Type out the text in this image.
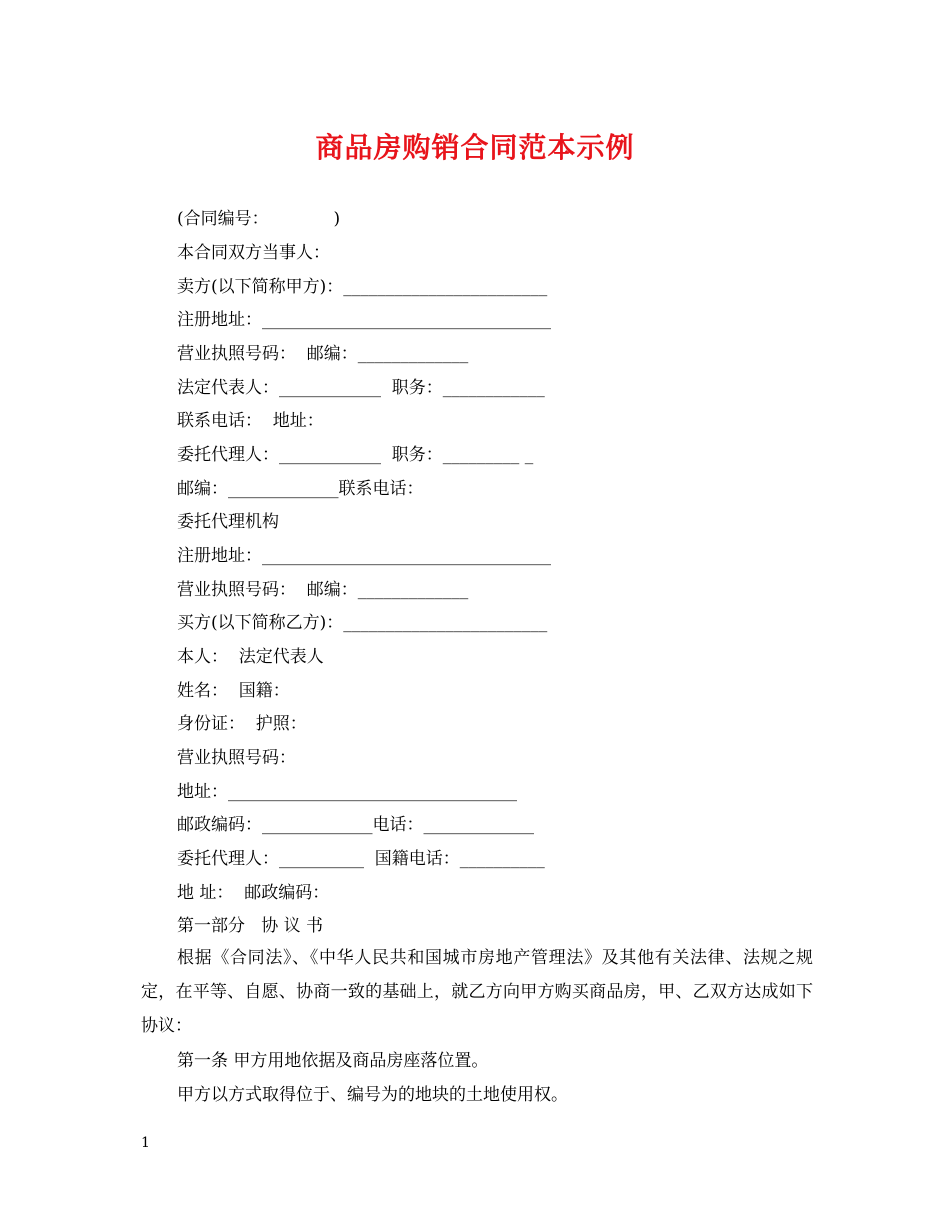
商品房购销合同范本示例
(合同编号：            )
本合同双方当事人：
卖方(以下简称甲方)：________________________
注册地址：__________________________________
营业执照号码：  邮编：_____________
法定代表人：____________  职务：____________
联系电话：  地址：
委托代理人：____________  职务：_________ _
邮编：_____________联系电话：
委托代理机构
注册地址：__________________________________
营业执照号码：  邮编：_____________
买方(以下简称乙方)：________________________
本人：  法定代表人
姓名：  国籍：
身份证：  护照：
营业执照号码：
地址：__________________________________
邮政编码：_____________电话：_____________
委托代理人：__________  国籍电话：__________
地 址：  邮政编码：
第一部分   协 议 书
根据《合同法》、《中华人民共和国城市房地产管理法》及其他有关法律、法规之规定，在平等、自愿、协商一致的基础上，就乙方向甲方购买商品房，甲、乙双方达成如下协议：
第一条 甲方用地依据及商品房座落位置。
甲方以方式取得位于、编号为的地块的土地使用权。
1
